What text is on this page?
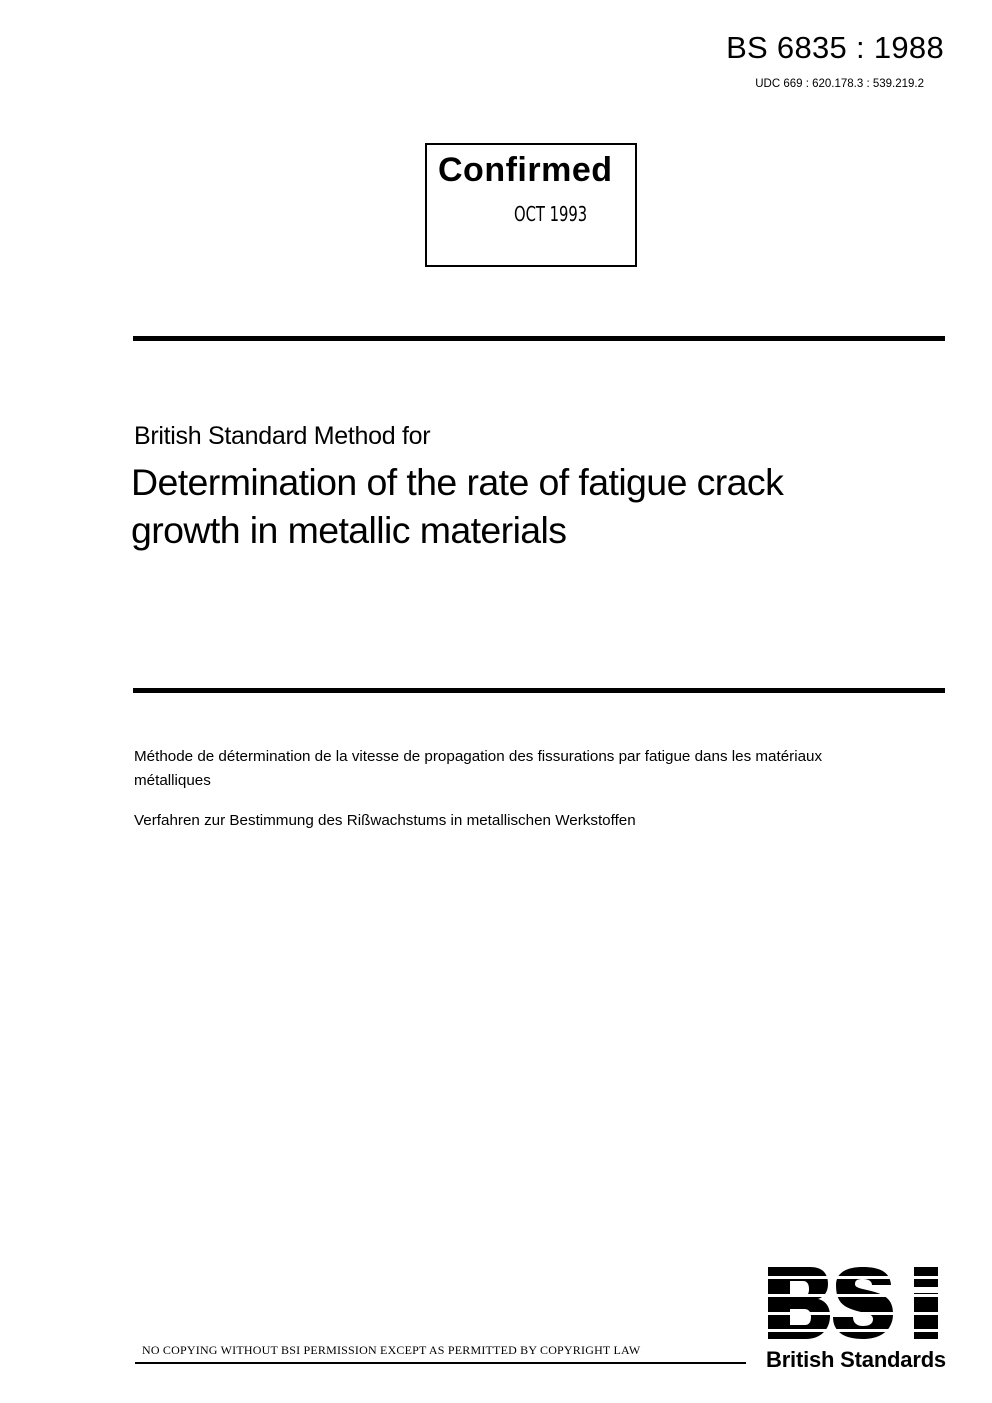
BS 6835 : 1988
UDC 669 : 620.178.3 : 539.219.2
Confirmed
OCT 1993
British Standard Method for
Determination of the rate of fatigue crack growth in metallic materials
Méthode de détermination de la vitesse de propagation des fissurations par fatigue dans les matériaux métalliques
Verfahren zur Bestimmung des Rißwachstums in metallischen Werkstoffen
NO COPYING WITHOUT BSI PERMISSION EXCEPT AS PERMITTED BY COPYRIGHT LAW	British Standards
